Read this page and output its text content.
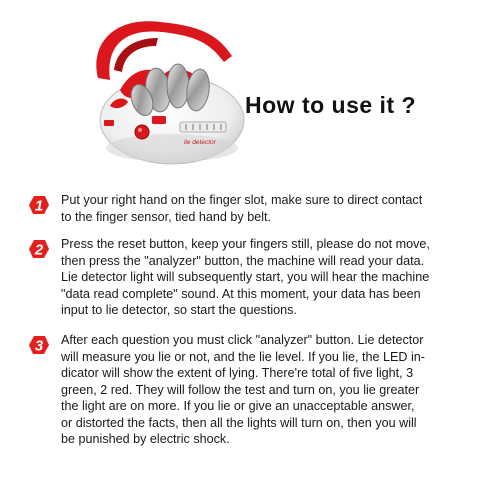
lie detector
How to use it ?
1 Put your right hand on the finger slot, make sure to direct contact
to the finger sensor, tied hand by belt.
2 Press the reset button, keep your fingers still, please do not move,
then press the "analyzer" button, the machine will read your data.
Lie detector light will subsequently start, you will hear the machine
"data read complete" sound. At this moment, your data has been
input to lie detector, so start the questions.
3 After each question you must click "analyzer" button. Lie detector
will measure you lie or not, and the lie level. If you lie, the LED in-
dicator will show the extent of lying. There're total of five light, 3
green, 2 red. They will follow the test and turn on, you lie greater
the light are on more. If you lie or give an unacceptable answer,
or distorted the facts, then all the lights will turn on, then you will
be punished by electric shock.
